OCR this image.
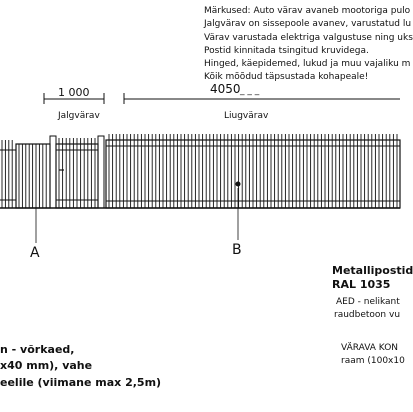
Märkused: Auto värav avaneb mootoriga pulo
Jalgvärav on sissepoole avanev, varustatud lu
Värav varustada elektriga valgustuse ning uks
Postid kinnitada tsingitud kruvidega.
Hinged, käepidemed, lukud ja muu vajaliku m
Kõik mõõdud täpsustada kohapeale!
1 000	4050 _ _ _
Jalgvärav	Liugvärav
A	B
Metallipostid
RAL 1035
AED - nelikant
raudbetoon vu
VÄRAVA KON
raam (100x10
n - võrkaed,
x40 mm), vahe
eelile (viimane max 2,5m)
